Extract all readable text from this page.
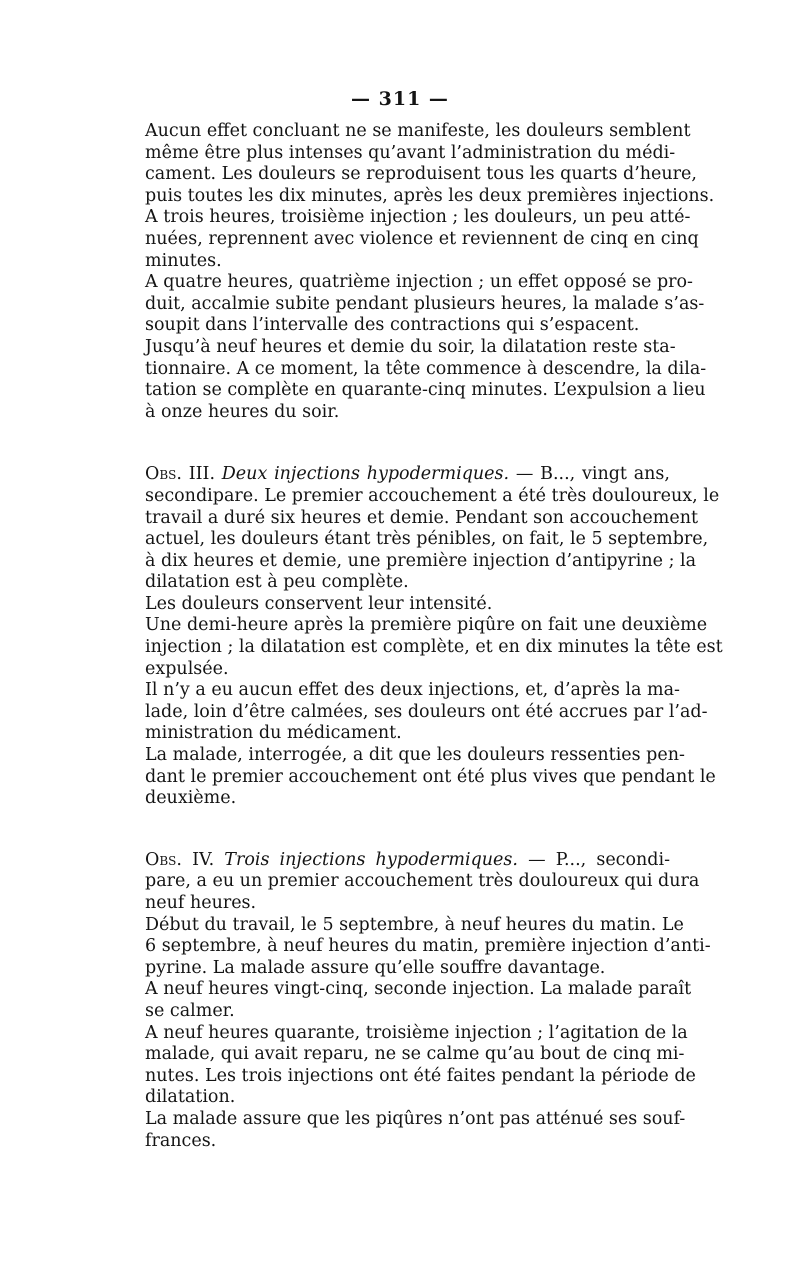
— 311 —
Aucun effet concluant ne se manifeste, les douleurs semblent
même être plus intenses qu’avant l’administration du médi-
cament. Les douleurs se reproduisent tous les quarts d’heure,
puis toutes les dix minutes, après les deux premières injections.
A trois heures, troisième injection ; les douleurs, un peu atté-
nuées, reprennent avec violence et reviennent de cinq en cinq
minutes.
A quatre heures, quatrième injection ; un effet opposé se pro-
duit, accalmie subite pendant plusieurs heures, la malade s’as-
soupit dans l’intervalle des contractions qui s’espacent.
Jusqu’à neuf heures et demie du soir, la dilatation reste sta-
tionnaire. A ce moment, la tête commence à descendre, la dila-
tation se complète en quarante-cinq minutes. L’expulsion a lieu
à onze heures du soir.
Obs. III. Deux injections hypodermiques. — B..., vingt ans,
secondipare. Le premier accouchement a été très douloureux, le
travail a duré six heures et demie. Pendant son accouchement
actuel, les douleurs étant très pénibles, on fait, le 5 septembre,
à dix heures et demie, une première injection d’antipyrine ; la
dilatation est à peu complète.
Les douleurs conservent leur intensité.
Une demi-heure après la première piqûre on fait une deuxième
injection ; la dilatation est complète, et en dix minutes la tête est
expulsée.
Il n’y a eu aucun effet des deux injections, et, d’après la ma-
lade, loin d’être calmées, ses douleurs ont été accrues par l’ad-
ministration du médicament.
La malade, interrogée, a dit que les douleurs ressenties pen-
dant le premier accouchement ont été plus vives que pendant le
deuxième.
Obs. IV. Trois injections hypodermiques. — P..., secondi-
pare, a eu un premier accouchement très douloureux qui dura
neuf heures.
Début du travail, le 5 septembre, à neuf heures du matin. Le
6 septembre, à neuf heures du matin, première injection d’anti-
pyrine. La malade assure qu’elle souffre davantage.
A neuf heures vingt-cinq, seconde injection. La malade paraît
se calmer.
A neuf heures quarante, troisième injection ; l’agitation de la
malade, qui avait reparu, ne se calme qu’au bout de cinq mi-
nutes. Les trois injections ont été faites pendant la période de
dilatation.
La malade assure que les piqûres n’ont pas atténué ses souf-
frances.
